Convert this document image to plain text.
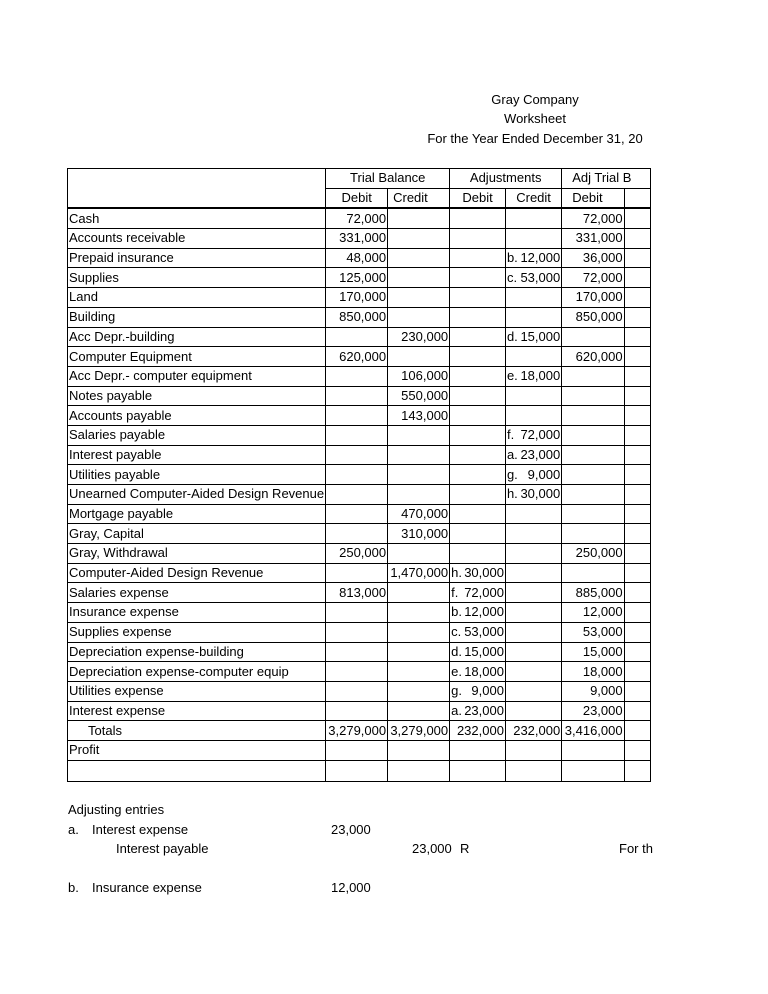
Gray Company
Worksheet
For the Year Ended December 31, 20
	Trial Balance		Adjustments		Adj Trial B	
	Debit	Credit	Debit	Credit	Debit	
Cash	72,000				72,000	
Accounts receivable	331,000				331,000	
Prepaid insurance	48,000			b. 12,000	36,000	
Supplies	125,000			c. 53,000	72,000	
Land	170,000				170,000	
Building	850,000				850,000	
Acc Depr.-building		230,000		d. 15,000		

Computer Equipment	620,000				620,000	
Acc Depr.- computer equipment		106,000		e. 18,000		

Notes payable		550,000	

Accounts payable		143,000	

Salaries payable				f. 72,000		

Interest payable				a. 23,000		

Utilities payable				g. 9,000		

Unearned Computer-Aided Design Revenue				h. 30,000		

Mortgage payable		470,000	

Gray, Capital		310,000	

Gray, Withdrawal	250,000				250,000	
Computer-Aided Design Revenue		1,470,000	h. 30,000			

Salaries expense	813,000		f. 72,000		885,000	
Insurance expense			b. 12,000		12,000	
Supplies expense			c. 53,000		53,000	
Depreciation expense-building			d. 15,000		15,000	
Depreciation expense-computer equip			e. 18,000		18,000	
Utilities expense			g. 9,000		9,000	
Interest expense			a. 23,000		23,000	
Totals	3,279,000	3,279,000	232,000	232,000	3,416,000	
Profit						

Adjusting entries
a. Interest expense	23,000
Interest payable	23,000 R	For th
b. Insurance expense	12,000
